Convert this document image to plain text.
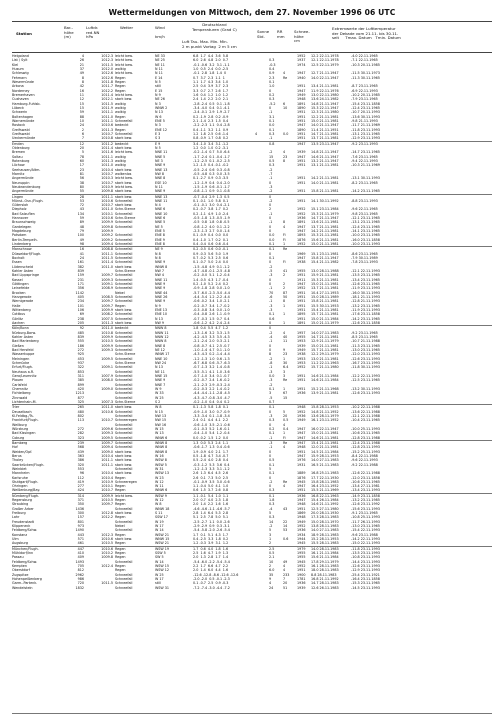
Wettermeldungen von Mittwoch, dem 27. November 1996 06 UTC
Station
Bar.-
höhe
(m)
Luftdr.
red.NN
hPa
Wetter	Wind

km/h
Deutschland
Temperaturen (Grad C)
Luft Tau- Max. Min. Min.
2 m punkt Vortag  2 m 5 cm
Sonne
Std.
RR
mm
Schnee-
höhe
cm
Extremwerte der Lufttemperatur
der Dekade vom 21.11. bis 30.11.
seit     Tmax. Datum   Tmin. Datum
Helgoland	4	1012.3 leicht bew.	NE 33	6.8  1.7  4.4  3.6  5.8	1952	12.2 22.11.1978	-4.0 22.11.1965
List / Sylt	26	1012.3 leicht bew.	NE 25	6.0  2.6  4.8  2.0  0.7	0.3	1937	12.1 22.11.1978	-7.1 22.11.1965
Kiel	21	1011.5 leicht bew.	NE 11	-0.1 -0.6  3.2  3.1 -1.1	-0.3	1974	12.5 22.11.1979	-10.3 20.11.1985
Husum	37	1012.0 wolkig	N 11	1.0  0.5  2.4  0.0 -2.5	0.4
Schleswig	49	1012.6 leicht bew.	N 11	-0.1  2.8  1.8  1.4  0	0.9	4	1947	12.7 21.11.1947	-11.5 30.11.1973
Fehmarn	8	1012.6 Regen	E 14	0.7  3.7  2.3  1.1  1	2.3	Re	1940	14.0 22.11.1947	-11.3 30.11.1965
Wesermünde	8	1011.8 Regen	N 5	1.1  1.7  4.3  3.4  1.0	0.1
Arkona	42	1011.7 Regen	still	2.5  0.4  3.9  3.7  2.3	1.0	1951	13.4 21.11.1981	-8.7 23.11.1965
Norderney	16	1012.2 Regen	E 15	3.3  0.7  2.7  2.6  1.7	0	1947	11.9 22.11.1976	-6.9 22.11.1993
Bremerhaven	11	1011.4 leicht bew.	N 9	1.6  0.4  1.2  1.0  1.2	0.2	1949	13.0 22.11.1980	-10.2 20.11.1985
Cuxhaven	12	1012.1 stark bew.	NE 26	2.4  1.4  2.2  2.0  2.1	0.3	1948	13.6 24.11.1982	-7.9 23.11.1965
Hamburg-Fuhlsb.	15	1011.5 wolkig	N 3	-2.8 -2.4  0.5  0.1 -1.8	-5.2	6	1891	14.8 21.11.1947	-15.4 23.11.1858
Lübeck	15	1011.9 wolkig	WNW 2	-3.4 -4.0  0.4  0.1 -4.1	0	10	1890	15.3 22.11.1947	-12.4 23.11.1965
Schwerin	59	1011.1 wolkig	N 13	-2.4 -0.1  2.9  1.9 -2.7	-1	1951	12.3 21.11.1980	-10.7 20.11.1993
Boltenhagen	88	1011.0 Regen	W 6	0.2 -1.9  2.8  0.2 -0.9	3.1	1951	12.2 21.11.1981	-13.6 30.11.1993
Warnemünde	10	1011.1 Schneefall	ENE 5	2.1 -1.4  2.3  1.5  0.4	0.1	1951	15.0 21.11.1981	-9.8 21.11.1993
Rostock	24	1010.6 bedeckt	N 3	-2.2 -2.3  1.1  0.4 -2.8	0.0	1947	14.0 21.11.1947	-11.7 21.11.1969
Greifswald	2	1011.3 Regen	ENE 12	0.4 -1.1  3.2  1.1  0.9	0.1	1890	11.4 21.11.1951	-11.8 23.11.1993
Greifswald	6	1010.7 Schneefall	E 3	1.2  1.8  2.5  0.6 -1.4	4	0.3	0.0	1951	14.7 21.11.1981	-13.1 23.11.1965
Ueckermünde	7	1010.8 stark bew.	S 3	0.8 -0.9  1.7  0.8  0.2	-1	1951	13.7 21.11.1981	-12.9 23.11.1993
Emden	12	1011.2 bedeckt	E 9	3.4 -1.0  3.4  3.1 -1.2	0.8	1947	13.5 23.11.1947	-9.2 23.11.1993
Oldenburg	20	1011.4 stark bew.	N 5	1.2  0.0  1.0  0.2 -3.1
Bremen	5	1011.6 leicht bew.	NNE 11	-0.2 -1.4  0.7  5.0 -6.4	-2	4	1939	14.8 21.11.1947	-14.7 23.11.1965
Soltau	78	1011.1 wolkig	NNE 5	-1.7 -2.4  0.1 -0.4 -1.7	15	23	1947	14.6 21.11.1947	-7.6 23.11.1965
Rotenburg	60	1011.3 wolkig	NE 3	-1.2 -2.5  0.1 -0.2 -2.5	0.5	8	1951	13.2 21.11.1947	-9.4 22.11.1993
Lüchow	17	1011.0 wolkig	NNE 9	1.2 -1.5  0.4 -0.1 -0.2	0.3	1951	13.1 21.11.1981	-10.3 21.11.1969
Seehausen/Altm.	23	1010.4 stark bew.	NNE 13	-0.5 -2.4  0.6  0.3 -0.8	-2
Marnitz	81	1010.7 wolkenlos	NW 8	-0.5 -4.8  0.3  0.0 -3.5	-7
Angermünde	56	1010.3 leicht bew.	NNE 8	0.1 -2.7  0.9  0.3 -3.5	-1	1951	14.2 21.11.1981	-13.1 30.11.1993
Neuruppin	38	1010.7 stark bew.	ESE 10	-1.2 -1.9  0.4  0.4 -2.0	0	1951	14.0 21.11.1981	-8.2 23.11.1965
Neubrandenburg	80	1010.9 leicht bew.	N 11	-1.5 -1.9  0.6 -0.1 -1.7	-3
Angermünde	55	1009.8 stark bew.	NNE 9	-0.8 -1.1  0.9  0.1 -0.8	-2	1951	15.8 21.11.1981	-14.2 23.11.1965
Lingen	28	1011.1 stark bew.	NNE 13	-0.7 -0.4  2.9  1.3  0.5	0
Münst.-Osn./Flugh.	53	1010.6 Schneefall	NNE 11	0.1 -0.1  1.0  5.8  0.1	-2	1951	14.1 30.11.1992	-8.8 23.11.1993
Gütersloh	72	1010.7 stark bew.	N 4	-0.1 -0.1  3.0  0.4 -2.1	0
Diepholz	43	1011.0 Schn.Sterne	NNE 6	0.2 -0.7  3.8  1.7  0.2	2	1952	15.1 23.11.1984	-9.6 22.11.1965
Bad Salzuflen	134	1010.1 Schneefall	NNE 10	0.2 -1.1  4.9  1.0 -2.4	-1	1952	15.3 21.11.1979	-9.8 23.11.1965
Hannover	59	1010.6 Schn.Sterne	NNE 6	-0.5 -1.8  1.3 -0.5 -1.9	0	1936	14.7 21.11.1947	-12.1 23.11.1965
Braunschweig	89	1009.9 Schneefall	NNE 5	-0.5  0.8  1.8  0.8 -0.5	-1	8	1891	13.6 21.11.1981	-13.1 23.11.1965
Gardelegen	48	1009.8 Schneefall	NE 5	-0.8 -1.2  4.0  0.1 -2.2	0	4	1947	13.7 21.11.1981	-12.4 23.11.1965
Magdeburg	79	1009.9	ENE 5	-2.3 -1.3  2.7  0.0 -1.4	0	1947	14.2 21.11.1981	-14.1 23.11.1965
Potsdam	100	1009.2 Schneefall	ENE 8	0.1 -0.9  0.4  0.0  0.0	0.0	Fi	1893	15.3 21.11.1981	-10.0 23.11.1965
Berlin-Tempelh.	49	1009.2 Schneefall	ENE 9	0.4 -1.0  1.7  0.2  0.1	0.0	Fi	1876	15.6 21.11.1981	-16.0 23.11.1858
Lindenberg	98	1009.4 Schneefall	ENE 8	0.4 -0.4  0.6  0.6 -0.4	0.1	1	1952	15.0 21.11.1981	-10.0 23.11.1993
Manschnow	16	1008.8 Schneefall	NE 9	0.2 -0.5  0.6  0.0 -0.1	0.1	Re
Düsseldorf/Flugh.	41	1011.1 Schneefall	N 8	0.9 -0.3  5.6  5.0  1.9	0	1969	15.1 23.11.1981	-8.6 23.11.1965
Bocholt	24	1011.5 Schneefall	N 8	0.7 -0.2  5.3  2.5  0.6	0.1	1947	15.8 21.11.1947	-7.9 30.11.1989
Essen	161	1011.4 Schneefall	NNE 9	0.1 -0.7  5.0  2.4  0.0	0	Fi	1938	15.4 21.11.1982	-7.8 23.11.1993
Lüdenscheid	382	1011.0 stark bew.	WNW 8	-1.5 -4.8  4.9  0.1 -1.2	-2
Kahler Asten	839	Schn.Sterne	NW 7	-4.7 -4.8 -0.1 -2.5 -4.8	-5	41	1955	13.0 28.11.1988	-12.1 22.11.1993
Bad Lippspringe	159	1009.7 Schneefall	NW 4	-0.2 -0.0  5.1  1.2 -0.4	-3	2	1951	15.9 21.11.1981	-13.5 23.11.1965
Kassel	231	1009.3 Schneefall	NNE 11	1.4 -0.5  4.3  1.7 -0.4	0	1911	15.3 21.11.1981	-13.4 23.11.1965
Göttingen	171	1009.1 Schneefall	NNE 9	0.2 -1.0  5.2  2.4  0.2	0	2	1947	15.0 21.11.1981	-12.6 23.11.1965
Leinefelde	356	1008.9 Schneefall	NNE 9	-0.9 -1.8  2.8  0.0 -1.0	-1	2	1952	13.7 21.11.1981	-11.9 23.11.1993
Brocken	1142	Nebel	NNE 44	-5.7 -6.0 -2.3 -5.0 -4.4	70	87	1951	10.4 27.11.1953	-16.0 30.11.1993
Harzgerode	405	1008.5 Schneefall	NNE 26	-4.4 -5.4  1.2 -2.2 -4.4	-6	50	1951	15.0 28.11.1989	-18.1 21.11.1993
Wernigerode	234	1009.7 Schneefall	NNE 9	-0.6 -0.2  3.4  1.0 -2.1	-1	8	1951	15.8 21.11.1981	-12.8 21.11.1993
Halle	101	1009.7 Regen	N 9	-0.2 -0.7  3.4  1.7 -0.2	-3	1	1951	15.5 30.11.1953	-13.2 23.11.1965
Wittenberg	106	1009.9 stark bew.	ENE 13	-0.3 -0.8  3.4  0.0 -1.0	-3	1951	15.4 21.11.1981	-11.9 23.11.1993
Cottbus	69	1008.2 Schneefall	ENE 10	-0.4 -0.8  2.6  1.1 -0.9	0.1	1	1895	15.7 21.11.1981	-17.6 23.11.1858
Görlitz	238	1007.5 Schneefall	N 13	-0.7 -0.3  1.5  0.7  0.4	0.6	1951	15.0 21.11.1984	-14.2 23.11.1965
Aachen	205	1011.3 stark bew.	NW 9	-0.6 -1.2  4.2  2.4 -2.4	0	1	1891	15.0 21.11.1979	-12.6 23.11.1858
Köln/Bonn	92	1011.0 bedeckt	NNW 8	1.8  0.4  5.5  4.7  1.2	0
Nürburg-Barw.	485	1010.8 Schneefall	NNW 11	-1.3 -1.6  3.2  3.3 -1.5	-2	4	1957	14.0 27.11.1983	-9.2 23.11.1965
Kahler Asten	839	1009.9 Schneefall	NNW 12	-4.2 -4.5  3.3  3.5 -4.3	-4	40	1955	14.7 21.11.1981	-8.5 23.11.1965
Bad Marienberg	555	1010.5 Schneefall	NNW 8	-2.1 -2.4  2.0  0.3 -2.1	-1	11	1953	12.9 21.11.1979	-10.7 21.11.1988
Gießen	186	1009.9 Schneefall	NNE 8	-0.8 -0.7  4.1  2.5 -0.7	0	1939	15.0 21.11.1981	-11.3 23.11.1965
Bad Hersfeld	272	1009.3 Schneefall	NE 12	-1.0 -1.4  4.7  0.1 -1.0	0	9	1949	15.7 21.11.1981	-13.0 23.11.1965
Wasserkuppe	925	Schn.Sterne	WNW 17	-4.3 -4.3  0.2 -1.4 -4.4	8	23	1938	12.2 29.11.1979	-12.0 23.11.1993
Meiningen	453	1009.5 Schneefall	NNE 10	-1.2 -1.3  1.0  0.6 -1.3	-2	1	1953	13.0 21.11.1981	-12.6 23.11.1993
Schmücke	937	Schn.Sterne	NW 24	-6.7 -6.8  0.6 -5.7 -6.3	-8	30	1953	11.2 22.11.1963	-16.7 23.11.1993
Erfurt/Flugh.	322	1009.1 Schneefall	N 13	-0.7 -1.3  3.2  1.4 -0.8	-1	6.4	1952	15.7 21.11.1980	-11.8 30.11.1993
Neuhaus a.R.	853	Schneefall	NE 11	-5.5 -5.1  4.1  1.0 -3.6	-3	3
Gera/Leumnitz	311	1007.9 Schneefall	NNE 15	-0.7 -1.0  3.4  0.1 -0.7	0.0	3	1951	14.6 21.11.1984	-12.2 22.11.1993
Plauen	385	1008.0 Schneefall	NNE 9	-0.2 -0.7  2.4  1.6 -0.2	-3	Re	1951	14.6 21.11.1984	-12.5 23.11.1965
Carlsfeld	899	Schneefall	NNE 7	-2.1 -2.3  2.9 -0.3 -2.4	-2
Chemnitz	420	1009.0 Schneefall	W 9	-0.2 -0.3  2.2  1.4 -0.2	0.1	1	1951	15.2 21.11.1968	-13.2 30.11.1993
Fichtelberg	1213	Schneefall	W 33	-4.4 -4.4 -1.1 -2.8 -4.5	3	67	1936	13.9 21.11.1981	-12.6 23.11.1993
Zinnwald	877	Schneefall	W 25	-4.3 -4.7 -0.8 -3.0 -4.7	-5	15
Lichtenhain-M.	325	1007.3 Schn.Sterne	S 2	-0.2 -1.0  0.4  0.4  0.2	0.7
Trier	265	1011.0 stark bew.	W 8	0.1 -1.3  5.8  1.8  0.1	0.1	1948	15.8 28.11.1953	-10.2 22.11.1988
Deuselbach	480	1010.6 Schneefall	N 15	-0.9 -1.0  3.0  0.7 -0.9	0	5	1952	14.8 21.11.1952	-13.6 22.11.1988
Kl.Feldbg./Ts.	802	Schneefall	NW 13	-3.3 -3.4  0.1 -1.8 -3.4	-3	20	1936	13.6 28.11.1979	-12.1 22.11.1988
Frankfurt/Flugh.	113	1010.7 Schneeregen	NW 15	2.4  0.1  4.4  4.1  2.2	0.3	0.5	1949	16.1 23.11.1952	-10.4 23.11.1965
Weilburg	Schneefall	NW 16	-0.6 -1.0  3.5 -2.1 -0.6	0	4
Würzburg	272	1009.6 Schneefall	W 15	-0.1 -0.3  5.2  1.6 -0.1	0.2	0.4	1947	16.0 22.11.1947	-10.0 25.11.1993
Bad Kissingen	282	1009.3 Schneefall	W 13	-0.4 -1.0  5.4  1.2 -0.4	0.1	1	1947	15.0 21.11.1981	-10.6 23.11.1965
Coburg	323	1009.5 Schneefall	WNW 6	0.0 -0.2  1.5  1.2  0.0	-1	Fi	1947	14.6 21.11.1981	-12.8 23.11.1988
Bamberg	239	1009.7 Schneefall	WNW 8	1.3  0.0  5.3  2.4  1.1	-3	Re	1947	15.4 21.11.1981	-12.4 23.11.1988
Hof	568	1009.4 Schneefall	WNW 8	-0.6 -1.7  1.3  0.4 -0.6	-1	4	1948	12.0 21.11.1981	-12.8 23.11.1993
Weiden/Opf.	439	1009.0 stark bew.	WNW 8	1.9 -0.9  4.0  2.1  1.7	0	1951	14.5 21.11.1984	-15.2 25.11.1993
Berus	363	1010.4 stark bew.	W 16	0.5 -1.8  4.7  3.4 -0.7	0	1947	15.9 28.11.1953	-8.4 22.11.1988
Tholey	386	1011.1 stark bew.	WSW 8	0.5 -2.4  4.0  2.8  0.4	0.5	1976	14.0 27.11.1983	-9.6 22.11.1993
Saarbrücken/Flugh.	320	1011.1 stark bew.	WSW 5	-0.3 -1.2  5.3  3.6  0.4	0.1	1931	16.5 21.11.1983	-9.2 22.11.1988
Weinbiet	553	Schneefall	W 31	-1.2 -1.3  3.3  3.1 -1.2	5
Mannheim	96	1010.4 stark bew.	WSW 13	2.6  1.3  6.4  4.5  2.6	0.1	1889	16.8 25.11.1983	-12.6 22.11.1988
Karlsruhe	112	1010.4 Regen	W 23	2.6  0.1  7.3  5.0  2.5	0	1876	17.7 22.11.1930	-12.0 23.11.1858
Stuttgart/Flugh.	419	1010.9 Schneeregen	W 12	-0.1 -0.9  3.5  3.0 -0.6	-2	Re	1945	15.8 28.11.1983	-10.6 23.11.1965
Öhringen	277	1010.1 Regen	W 11	1.1 -0.4  5.0  4.1  1.0	0	4	1947	16.4 23.11.1952	-13.4 27.11.1981
Weißenburg/Bay.	424	1010.7 Regen	WNW 6	0.6  1.5  3.7  2.6  0.8	0.3	1951	15.5 21.11.1969	-13.4 23.11.1993
Nürnberg/Flugh.	314	1009.9 leicht bew.	WSW 9	1.1 -0.1  5.4  1.0  1.1	0.1	1936	16.8 22.11.1963	-14.9 23.11.1858
Regensburg	371	1010.5 Regen	W 12	2.0  0.7  4.0  2.3  1.8	1.8	1947	15.4 26.11.1984	-13.2 23.11.1985
Straubing	350	1009.7 Regen	W 8	2.0  1.4  2.2  1.6  1.6	0.3	1948	14.6 21.11.1992	-12.6 23.11.1992
Großer Arber	1436	Schneefall	WNW 18	-4.6 -4.6 -1.1 -4.6 -5.7	-4	43	1951	12.5 27.11.1980	-15.6 23.11.1993
Freiburg	300	1012.8 stark bew.	S 11	2.8  1.4  6.4  5.3  2.8	5	1869	20.0 28.11.1930	-9.1 23.11.1965
Lahr	157	1012.2 Regen	SSW 17	5.1  2.5  7.8  5.0  5.1	0.3	1948	17.3 28.11.1983	-10.8 25.11.1993
Freudenstadt	801	Schneefall	W 19	-2.5 -2.7  1.1  0.0 -2.6	14	22	1949	15.0 28.11.1970	-11.7 26.11.1993
Klippeneck	973	Nebel	W 17	-2.9 -2.9  0.9  0.3 -3.1	-2	14	1952	13.8 28.11.1983	-13.0 23.11.1965
Feldberg/Schw.	1490	Schneefall	W 14	-5.4 -5.8 -2.0 -2.6 -5.4	5	53	1936	14.0 27.11.1983	-15.4 22.11.1993
Konstanz	443	1012.3 Regen	WSW 21	1.7  0.1  5.1  4.3  1.7	3	1934	18.9 28.11.1983	-9.6 23.11.1988
Ulm	571	1010.6 stark bew.	WNW 15	0.4 -2.5  3.3  1.8  0.2	1	0.6	1944	15.2 28.11.1953	-14.2 22.11.1993
Augsburg	461	1010.5 Regen	WSW 21	1.2 -0.3  3.9  3.1  1.2	2	1945	15.5 28.11.1983	-15.0 22.11.1993
München/Flugh.	447	1010.6 Regen	WSW 19	1.7  0.6  4.0  1.8  1.6	2.5	1979	14.0 28.11.1983	-11.8 23.11.1993
Mühldorf/Inn	410	1010.2 Regen	SSW 5	2.5  1.6  4.7  1.9  1.3	0.5	1955	16.1 21.11.1984	-13.5 23.11.1993
Passau	409	1009.8 Regen	SW 5	2.0  1.3  2.8  1.7  1.4	2.1	1955	15.6 21.11.1984	-10.8 23.11.1993
Feldberg/Schw.	1493	Schneefall	W 14	-5.4 -6.0 -2.2 -5.4 -5.4	10	49	1945	17.8 29.11.1979	-14.4 23.11.1993
Kempten	705	1012.4 Regen	WSW 15	2.2  1.7  6.6  4.7  2.2	2	4	1952	16.1 28.11.1983	-12.6 23.11.1993
Oberstdorf	812	Regen	WSW 12	2.0  1.4  6.0  4.4  1.6	6.0	4	1951	18.0 28.11.1983	-12.9 23.11.1993
Zugspitze	2962	Schneefall	W 25	-12.6 -12.8 -8.6 -12.6 -12.6	35	233	1900	8.8 28.11.1983	-25.4 23.11.1921
Hohenpeißenberg	986	Schneefall	W 17	-2.0 -2.0  0.5 -0.1 -2.3	9	7	1781	16.8 21.11.1992	-16.4 23.11.1858
Garm.-Partenk.	720	1011.5 Schneefall	still	0.1 -0.7  2.5  0.9 -0.3	4	20	1936	14.7 28.11.1983	-15.3 23.11.1965
Wendelstein	1832	Schneefall	WSW 31	-7.2 -7.4 -3.0 -4.4 -7.2	24	51	1939	12.6 26.11.1983	-14.5 23.11.1993
